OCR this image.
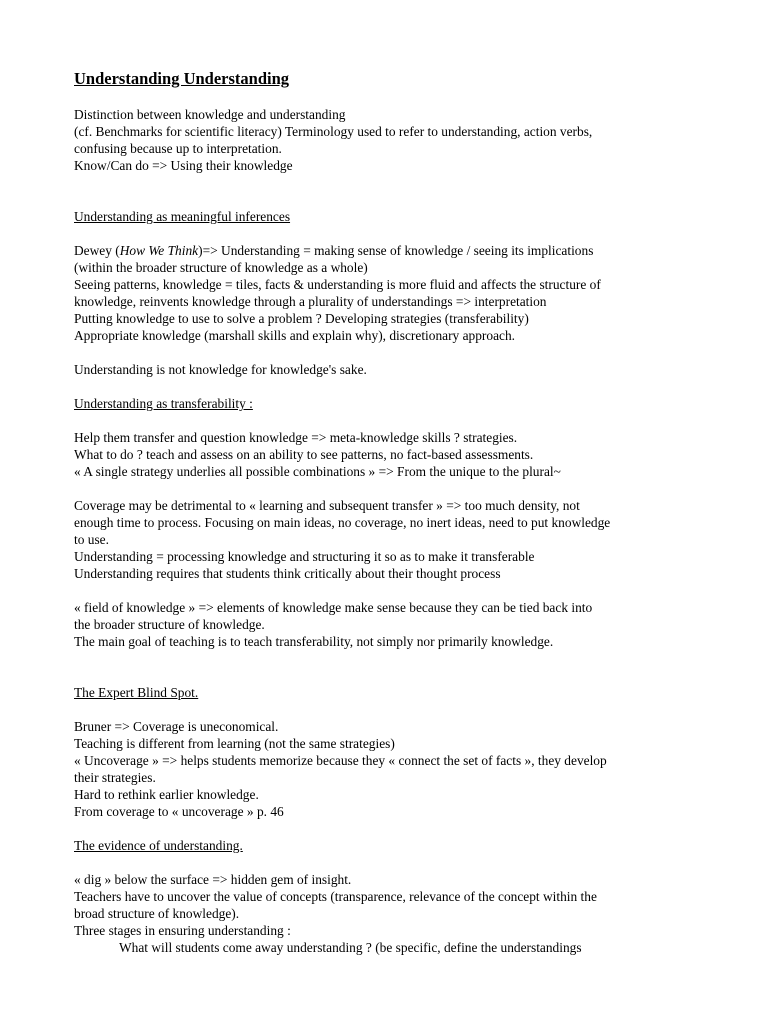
Understanding Understanding
Distinction between knowledge and understanding
(cf. Benchmarks for scientific literacy) Terminology used to refer to understanding, action verbs,
confusing because up to interpretation.
Know/Can do => Using their knowledge
Understanding as meaningful inferences
Dewey (How We Think)=> Understanding = making sense of knowledge / seeing its implications
(within the broader structure of knowledge as a whole)
Seeing patterns, knowledge = tiles, facts & understanding is more fluid and affects the structure of
knowledge, reinvents knowledge through a plurality of understandings => interpretation
Putting knowledge to use to solve a problem ? Developing strategies (transferability)
Appropriate knowledge (marshall skills and explain why), discretionary approach.
Understanding is not knowledge for knowledge's sake.
Understanding as transferability :
Help them transfer and question knowledge => meta-knowledge skills ? strategies.
What to do ? teach and assess on an ability to see patterns, no fact-based assessments.
« A single strategy underlies all possible combinations » => From the unique to the plural~
Coverage may be detrimental to « learning and subsequent transfer » => too much density, not
enough time to process. Focusing on main ideas, no coverage, no inert ideas, need to put knowledge
to use.
Understanding = processing knowledge and structuring it so as to make it transferable
Understanding requires that students think critically about their thought process
« field of knowledge » => elements of knowledge make sense because they can be tied back into
the broader structure of knowledge.
The main goal of teaching is to teach transferability, not simply nor primarily knowledge.
The Expert Blind Spot.
Bruner => Coverage is uneconomical.
Teaching is different from learning (not the same strategies)
« Uncoverage » => helps students memorize because they « connect the set of facts », they develop
their strategies.
Hard to rethink earlier knowledge.
From coverage to « uncoverage » p. 46
The evidence of understanding.
« dig » below the surface => hidden gem of insight.
Teachers have to uncover the value of concepts (transparence, relevance of the concept within the
broad structure of knowledge).
Three stages in ensuring understanding :
What will students come away understanding ? (be specific, define the understandings
